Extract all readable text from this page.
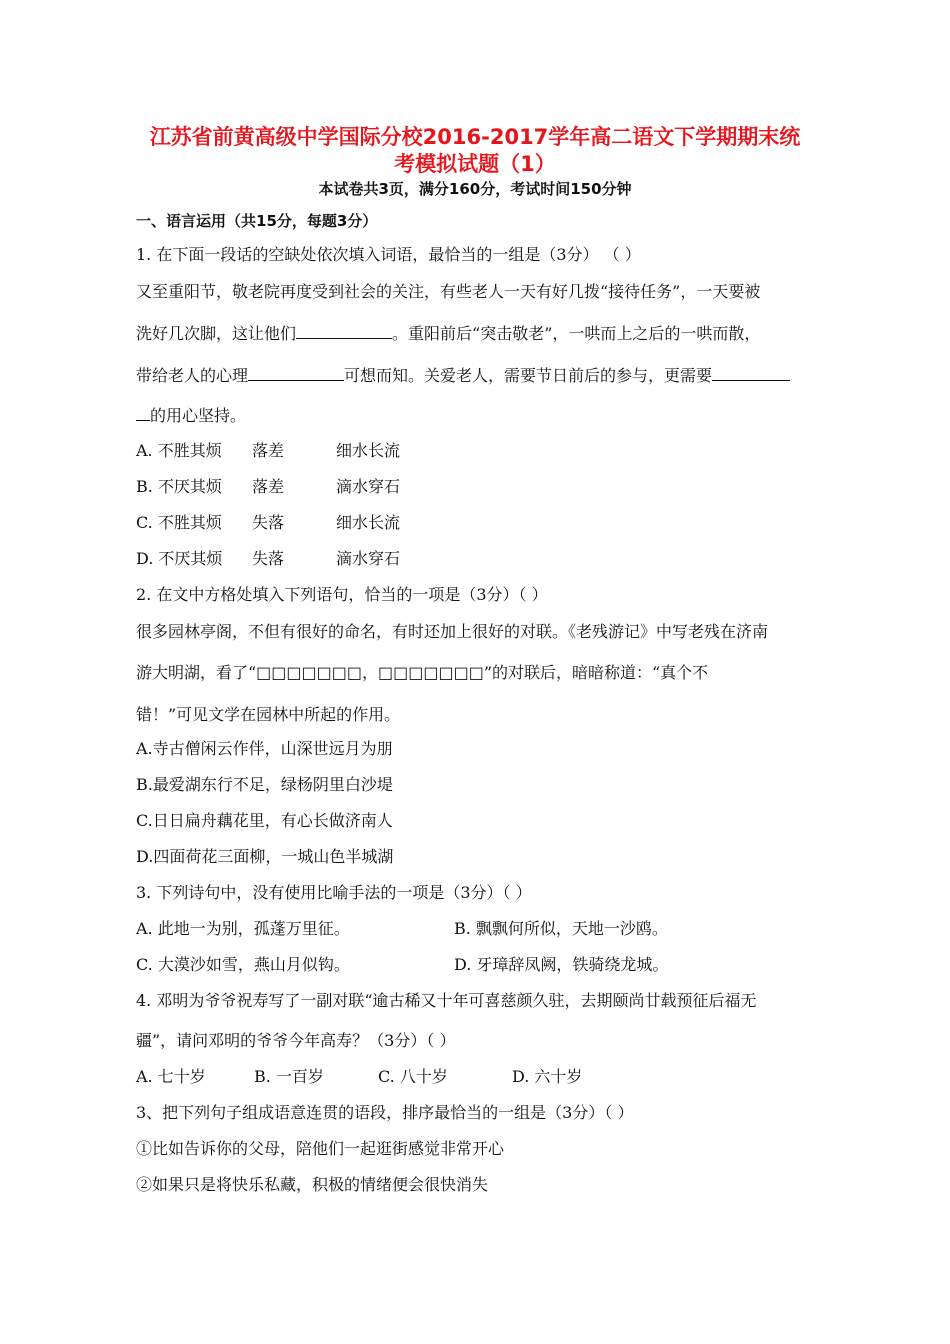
江苏省前黄高级中学国际分校2016-2017学年高二语文下学期期末统
考模拟试题（1）
本试卷共3页，满分160分，考试时间150分钟
一、语言运用（共15分，每题3分）
1. 在下面一段话的空缺处依次填入词语，最恰当的一组是（3分） （ ）
又至重阳节，敬老院再度受到社会的关注，有些老人一天有好几拨“接待任务”，一天要被
洗好几次脚，这让他们	。重阳前后“突击敬老”，一哄而上之后的一哄而散，
带给老人的心理	可想而知。关爱老人，需要节日前后的参与，更需要
的用心坚持。
A. 不胜其烦 落差	细水长流
B. 不厌其烦 落差	滴水穿石
C. 不胜其烦 失落	细水长流
D. 不厌其烦 失落	滴水穿石
2. 在文中方格处填入下列语句，恰当的一项是（3分）（ ）
很多园林亭阁，不但有很好的命名，有时还加上很好的对联。《老残游记》中写老残在济南
游大明湖，看了“□□□□□□□，□□□□□□□”的对联后，暗暗称道：“真个不
错！”可见文学在园林中所起的作用。
A.寺古僧闲云作伴，山深世远月为朋
B.最爱湖东行不足，绿杨阴里白沙堤
C.日日扁舟藕花里，有心长做济南人
D.四面荷花三面柳，一城山色半城湖
3. 下列诗句中，没有使用比喻手法的一项是（3分）（ ）
A. 此地一为别，孤蓬万里征。	B. 飘飘何所似，天地一沙鸥。
C. 大漠沙如雪，燕山月似钩。	D. 牙璋辞凤阙，铁骑绕龙城。
4. 邓明为爷爷祝寿写了一副对联“逾古稀又十年可喜慈颜久驻，去期颐尚廿载预征后福无
疆”，请问邓明的爷爷今年高寿？（3分）（ ）
A. 七十岁	B. 一百岁	C. 八十岁	D. 六十岁
3、把下列句子组成语意连贯的语段，排序最恰当的一组是（3分）（ ）
①比如告诉你的父母，陪他们一起逛街感觉非常开心
②如果只是将快乐私藏，积极的情绪便会很快消失
